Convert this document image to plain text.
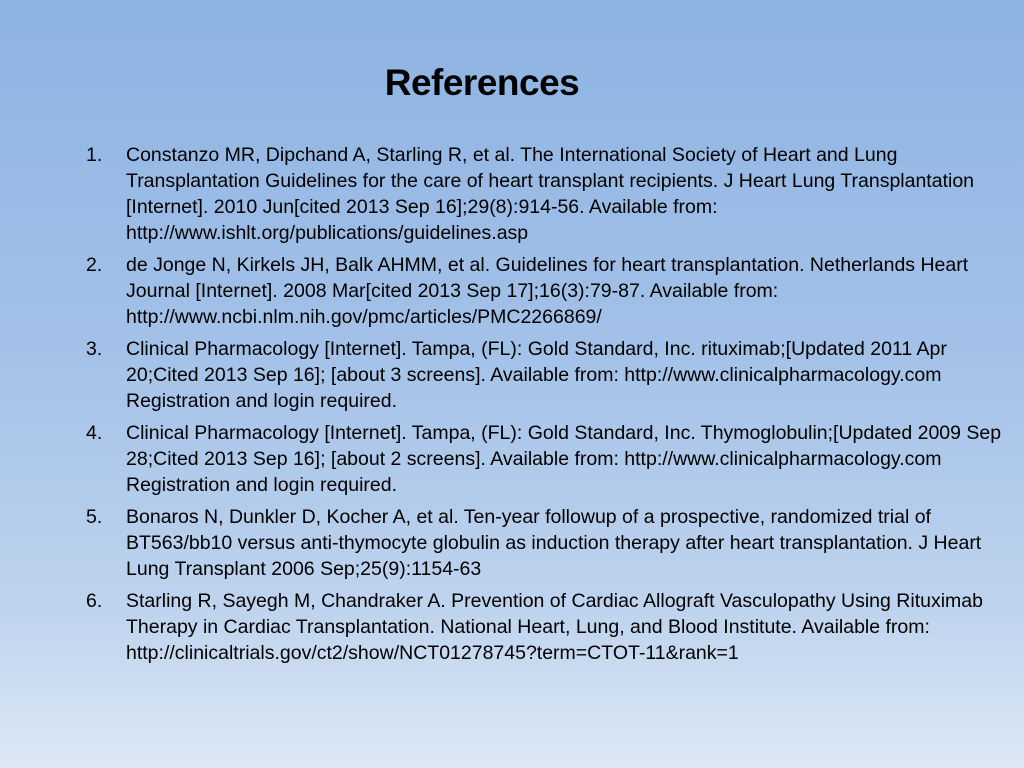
References
1. Constanzo MR, Dipchand A, Starling R, et al. The International Society of Heart and Lung Transplantation Guidelines for the care of heart transplant recipients. J Heart Lung Transplantation [Internet]. 2010 Jun[cited 2013 Sep 16];29(8):914-56. Available from: http://www.ishlt.org/publications/guidelines.asp
2. de Jonge N, Kirkels JH, Balk AHMM, et al. Guidelines for heart transplantation. Netherlands Heart Journal [Internet]. 2008 Mar[cited 2013 Sep 17];16(3):79-87. Available from: http://www.ncbi.nlm.nih.gov/pmc/articles/PMC2266869/
3. Clinical Pharmacology [Internet]. Tampa, (FL): Gold Standard, Inc. rituximab;[Updated 2011 Apr 20;Cited 2013 Sep 16]; [about 3 screens]. Available from: http://www.clinicalpharmacology.com Registration and login required.
4. Clinical Pharmacology [Internet]. Tampa, (FL): Gold Standard, Inc. Thymoglobulin;[Updated 2009 Sep 28;Cited 2013 Sep 16]; [about 2 screens]. Available from: http://www.clinicalpharmacology.com Registration and login required.
5. Bonaros N, Dunkler D, Kocher A, et al. Ten-year followup of a prospective, randomized trial of BT563/bb10 versus anti-thymocyte globulin as induction therapy after heart transplantation. J Heart Lung Transplant 2006 Sep;25(9):1154-63
6. Starling R, Sayegh M, Chandraker A. Prevention of Cardiac Allograft Vasculopathy Using Rituximab Therapy in Cardiac Transplantation. National Heart, Lung, and Blood Institute. Available from: http://clinicaltrials.gov/ct2/show/NCT01278745?term=CTOT-11&rank=1
